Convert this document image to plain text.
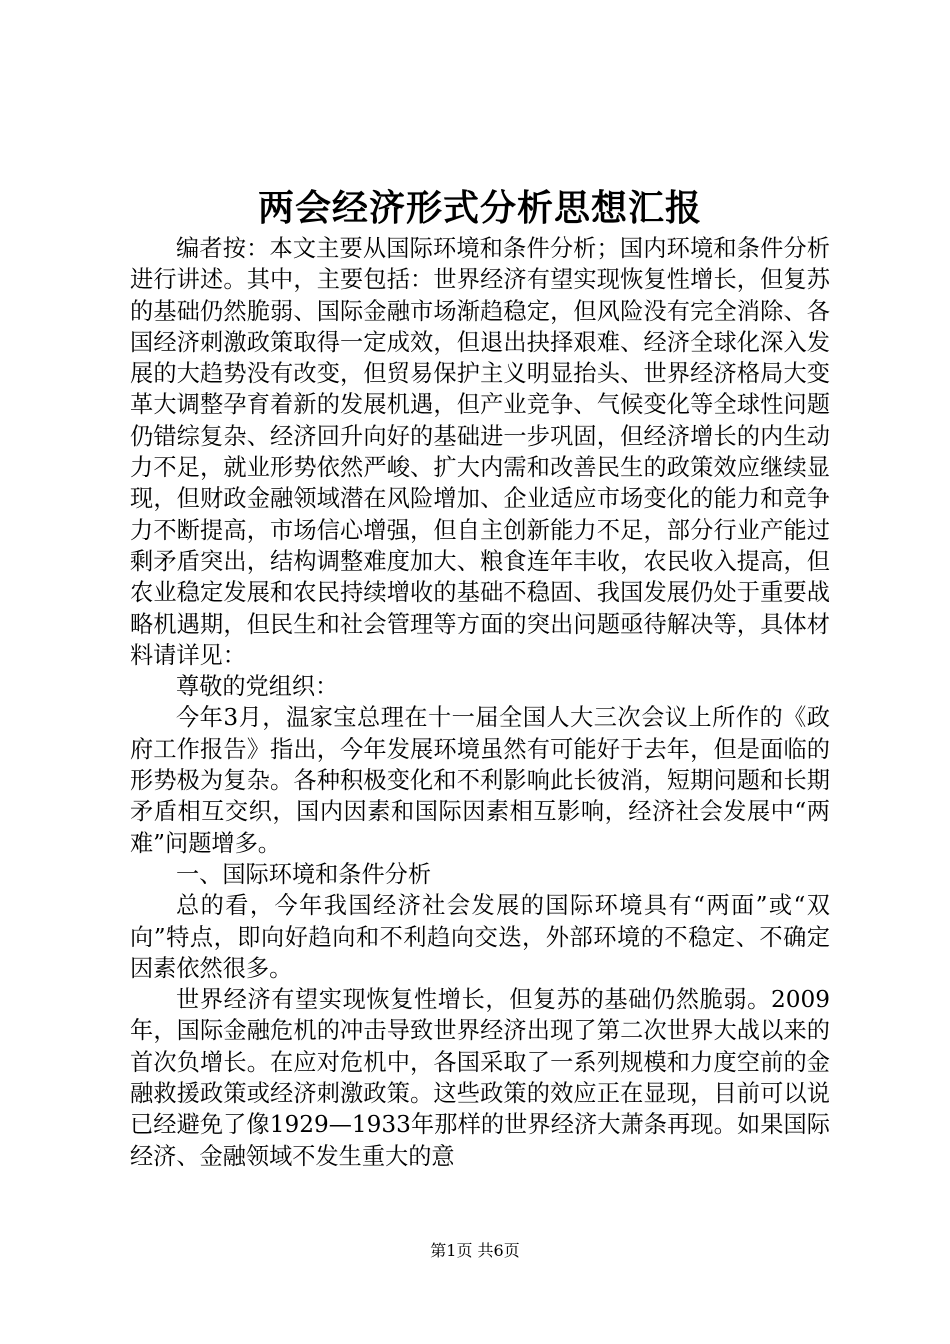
两会经济形式分析思想汇报

编者按：本文主要从国际环境和条件分析；国内环境和条件分析进行讲述。其中，主要包括：世界经济有望实现恢复性增长，但复苏的基础仍然脆弱、国际金融市场渐趋稳定，但风险没有完全消除、各国经济刺激政策取得一定成效，但退出抉择艰难、经济全球化深入发展的大趋势没有改变，但贸易保护主义明显抬头、世界经济格局大变革大调整孕育着新的发展机遇，但产业竞争、气候变化等全球性问题仍错综复杂、经济回升向好的基础进一步巩固，但经济增长的内生动力不足，就业形势依然严峻、扩大内需和改善民生的政策效应继续显现，但财政金融领域潜在风险增加、企业适应市场变化的能力和竞争力不断提高，市场信心增强，但自主创新能力不足，部分行业产能过剩矛盾突出，结构调整难度加大、粮食连年丰收，农民收入提高，但农业稳定发展和农民持续增收的基础不稳固、我国发展仍处于重要战略机遇期，但民生和社会管理等方面的突出问题亟待解决等，具体材料请详见：

尊敬的党组织：

今年3月，温家宝总理在十一届全国人大三次会议上所作的《政府工作报告》指出，今年发展环境虽然有可能好于去年，但是面临的形势极为复杂。各种积极变化和不利影响此长彼消，短期问题和长期矛盾相互交织，国内因素和国际因素相互影响，经济社会发展中“两难”问题增多。

一、国际环境和条件分析

总的看，今年我国经济社会发展的国际环境具有“两面”或“双向”特点，即向好趋向和不利趋向交迭，外部环境的不稳定、不确定因素依然很多。

世界经济有望实现恢复性增长，但复苏的基础仍然脆弱。2009年，国际金融危机的冲击导致世界经济出现了第二次世界大战以来的首次负增长。在应对危机中，各国采取了一系列规模和力度空前的金融救援政策或经济刺激政策。这些政策的效应正在显现，目前可以说已经避免了像1929—1933年那样的世界经济大萧条再现。如果国际经济、金融领域不发生重大的意

第1页 共6页
